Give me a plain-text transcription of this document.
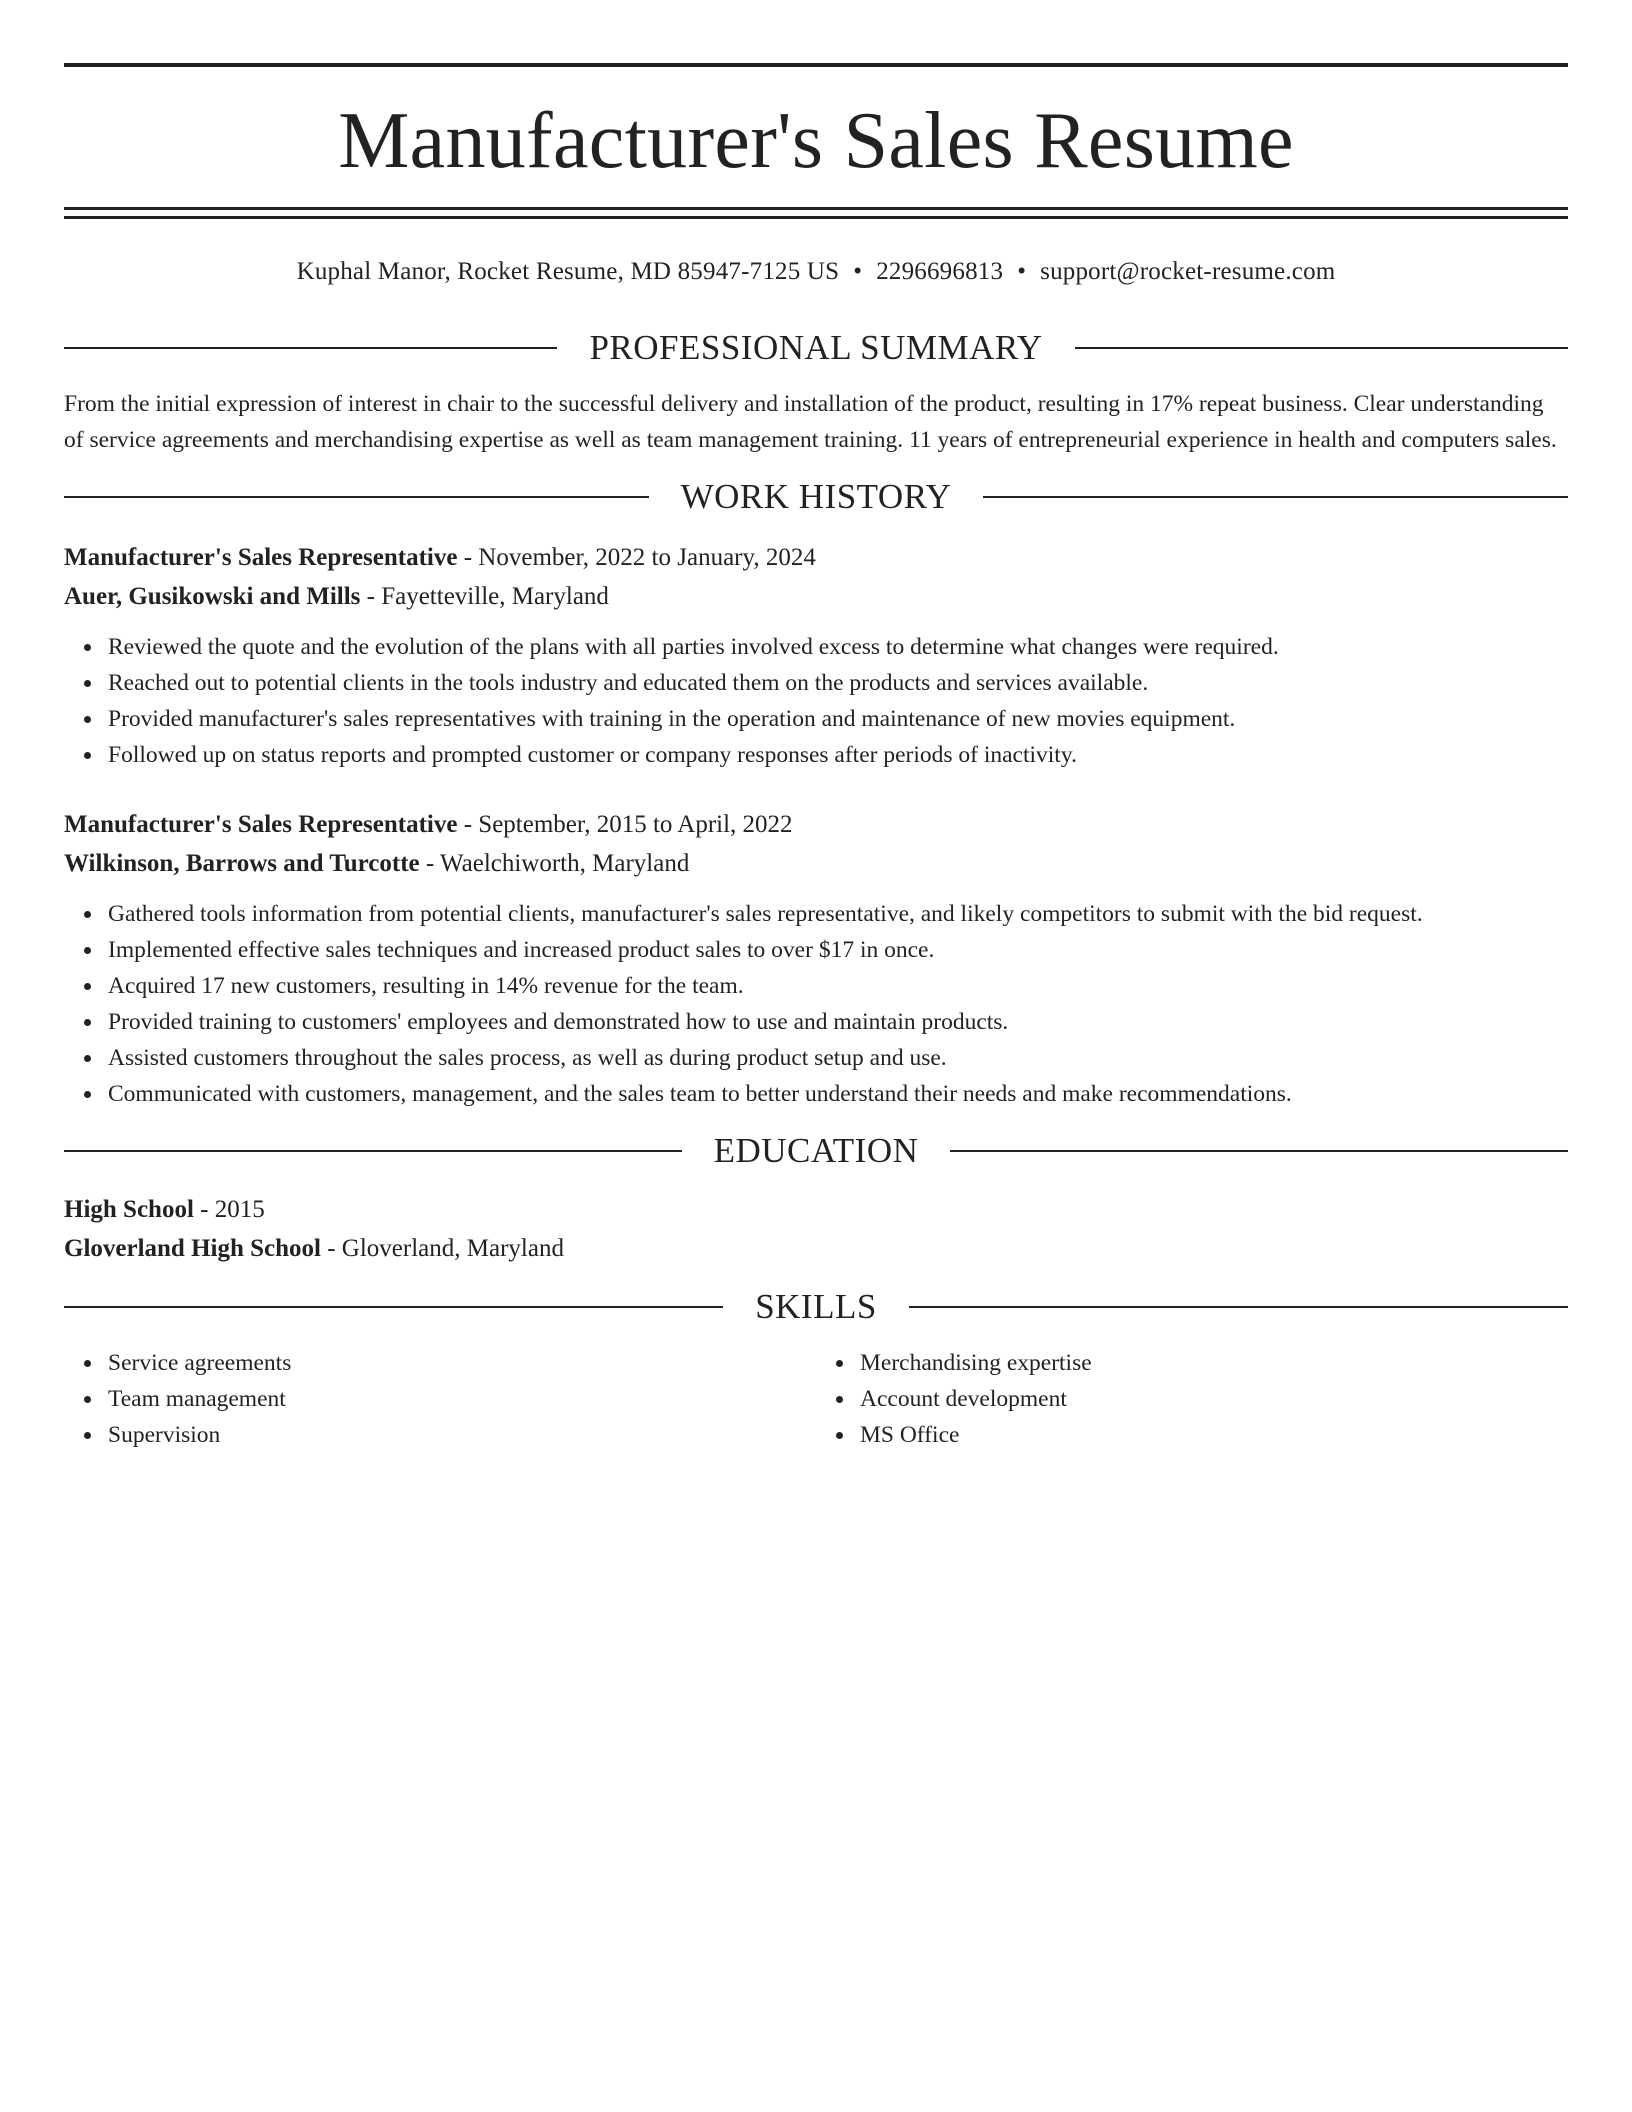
Manufacturer's Sales Resume
Kuphal Manor, Rocket Resume, MD 85947-7125 US • 2296696813 • support@rocket-resume.com
PROFESSIONAL SUMMARY

From the initial expression of interest in chair to the successful delivery and installation of the product, resulting in 17% repeat business. Clear understanding of service agreements and merchandising expertise as well as team management training. 11 years of entrepreneurial experience in health and computers sales.

WORK HISTORY
Manufacturer's Sales Representative - November, 2022 to January, 2024
Auer, Gusikowski and Mills - Fayetteville, Maryland
Reviewed the quote and the evolution of the plans with all parties involved excess to determine what changes were required.
Reached out to potential clients in the tools industry and educated them on the products and services available.
Provided manufacturer's sales representatives with training in the operation and maintenance of new movies equipment.
Followed up on status reports and prompted customer or company responses after periods of inactivity.
Manufacturer's Sales Representative - September, 2015 to April, 2022
Wilkinson, Barrows and Turcotte - Waelchiworth, Maryland
Gathered tools information from potential clients, manufacturer's sales representative, and likely competitors to submit with the bid request.
Implemented effective sales techniques and increased product sales to over $17 in once.
Acquired 17 new customers, resulting in 14% revenue for the team.
Provided training to customers' employees and demonstrated how to use and maintain products.
Assisted customers throughout the sales process, as well as during product setup and use.
Communicated with customers, management, and the sales team to better understand their needs and make recommendations.
EDUCATION
High School - 2015
Gloverland High School - Gloverland, Maryland
SKILLS
Service agreements
Team management
Supervision
Merchandising expertise
Account development
MS Office
